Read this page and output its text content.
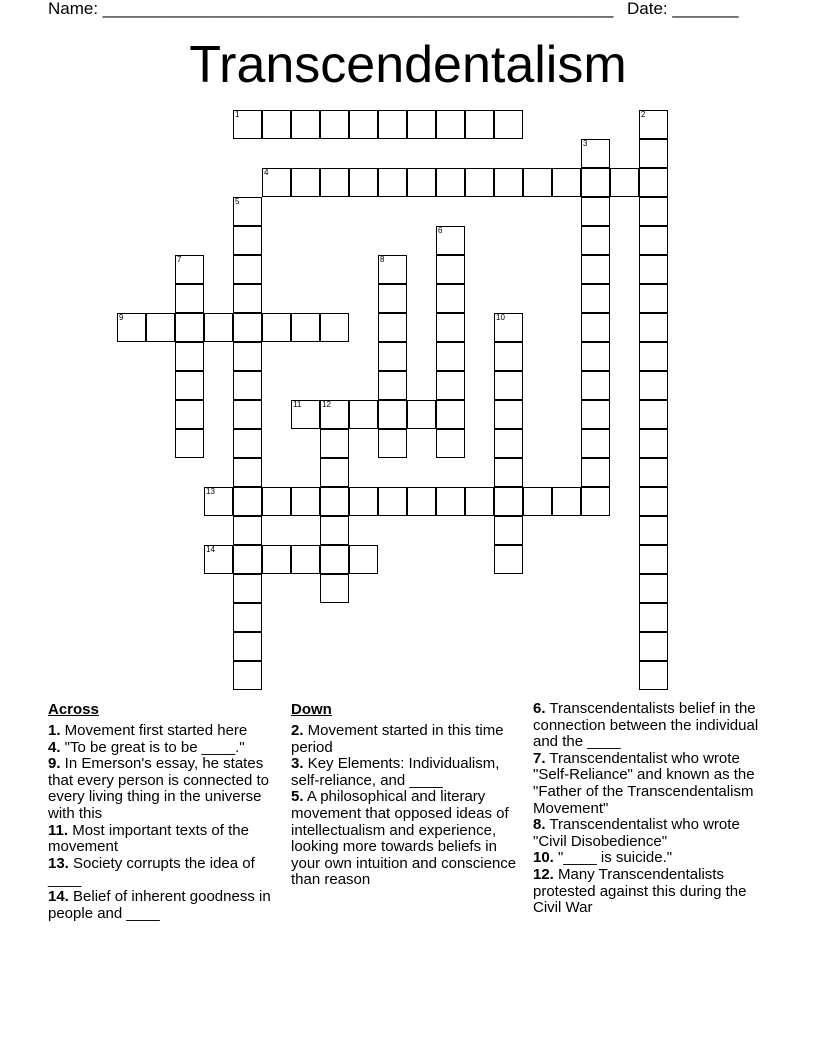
Name: ______________________________________________________ Date: _______
Transcendentalism
1	2
3
4
5
6
7	8
9	10
11	12
13
14
Across

1. Movement first started here

4. "To be great is to be ____."

9. In Emerson's essay, he states that every person is connected to every living thing in the universe with this

11. Most important texts of the movement

13. Society corrupts the idea of ____

14. Belief of inherent goodness in people and ____

Down

2. Movement started in this time period

3. Key Elements: Individualism, self-reliance, and ____

5. A philosophical and literary movement that opposed ideas of intellectualism and experience, looking more towards beliefs in your own intuition and conscience than reason

6. Transcendentalists belief in the connection between the individual and the ____

7. Transcendentalist who wrote "Self-Reliance" and known as the "Father of the Transcendentalism Movement"

8. Transcendentalist who wrote "Civil Disobedience"

10. "____ is suicide."

12. Many Transcendentalists protested against this during the Civil War
